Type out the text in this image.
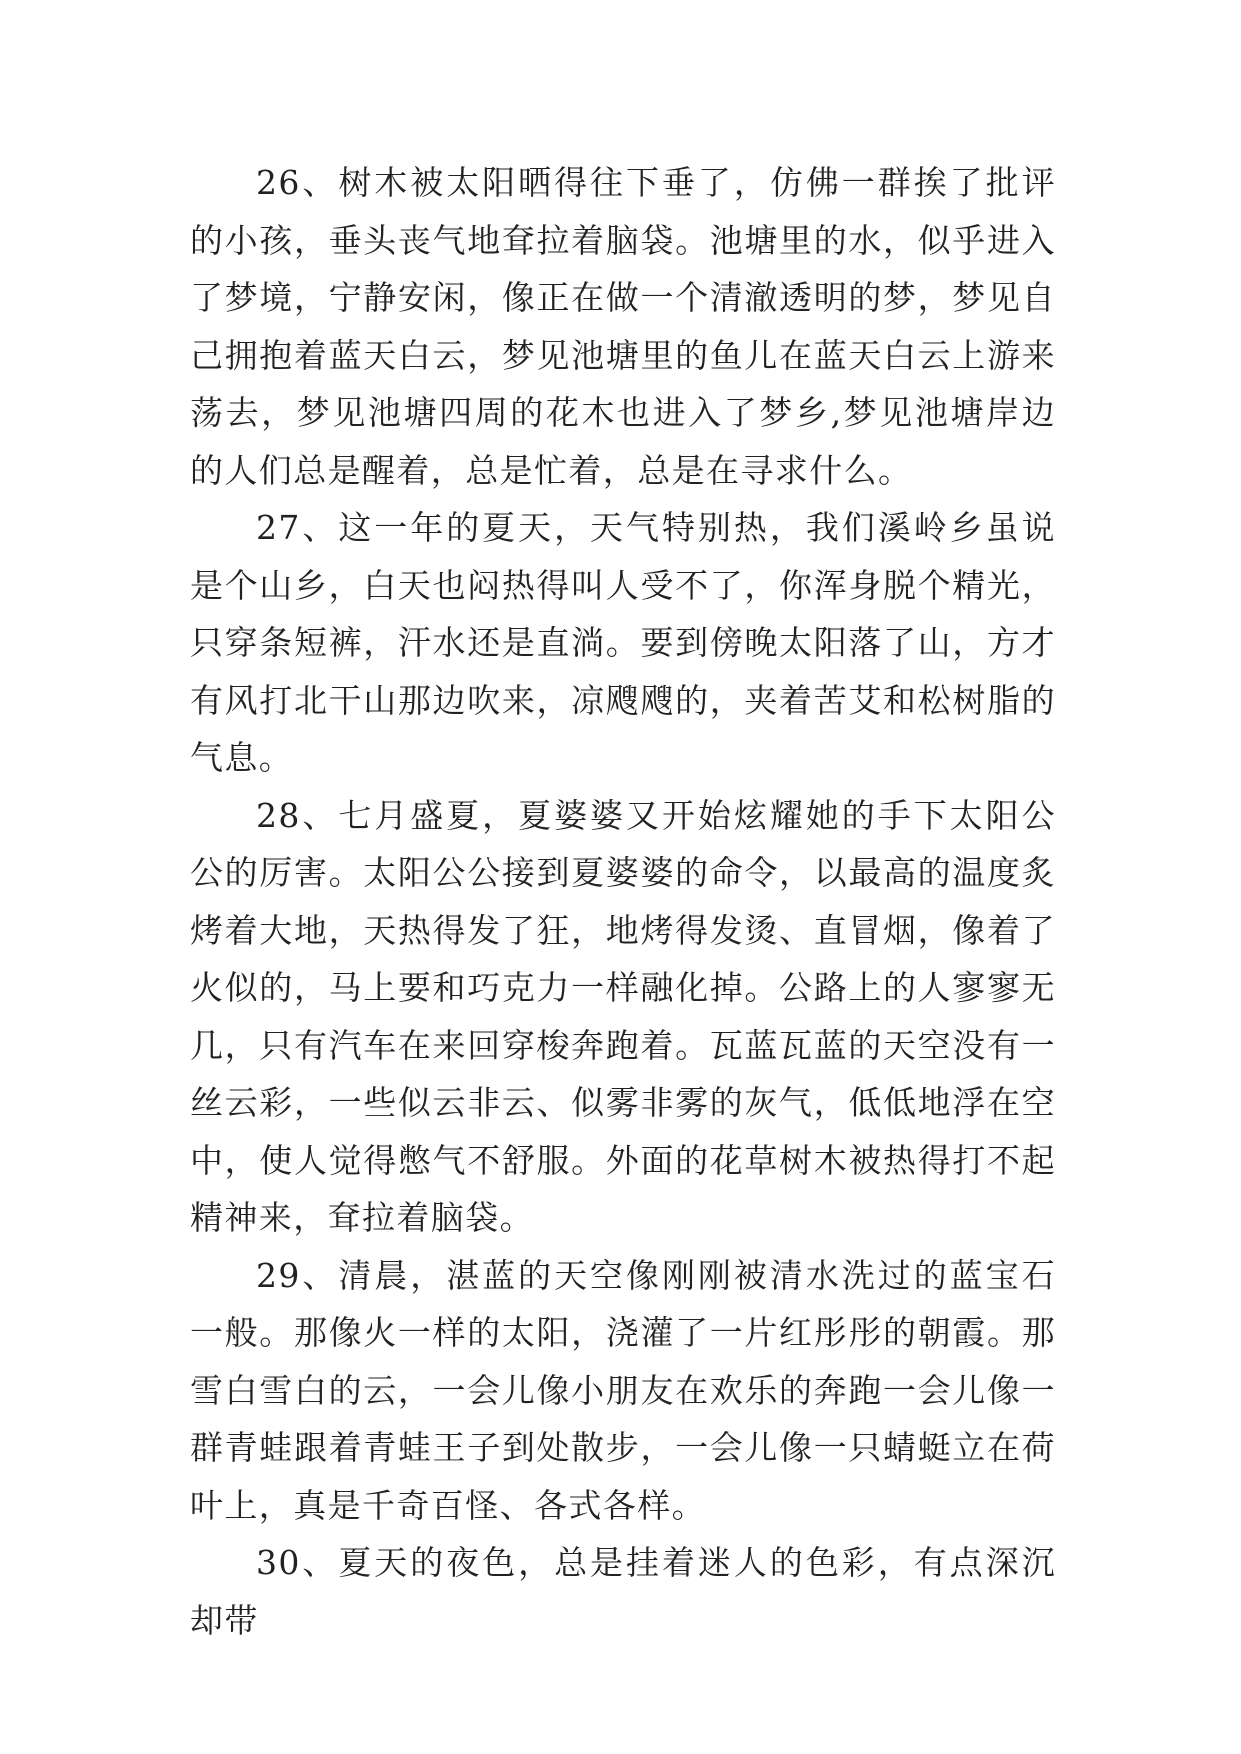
26、树木被太阳晒得往下垂了，仿佛一群挨了批评的小孩，垂头丧气地耷拉着脑袋。池塘里的水，似乎进入了梦境，宁静安闲，像正在做一个清澈透明的梦，梦见自己拥抱着蓝天白云，梦见池塘里的鱼儿在蓝天白云上游来荡去，梦见池塘四周的花木也进入了梦乡,梦见池塘岸边的人们总是醒着，总是忙着，总是在寻求什么。

27、这一年的夏天，天气特别热，我们溪岭乡虽说是个山乡，白天也闷热得叫人受不了，你浑身脱个精光，只穿条短裤，汗水还是直淌。要到傍晚太阳落了山，方才有风打北干山那边吹来，凉飕飕的，夹着苦艾和松树脂的气息。

28、七月盛夏，夏婆婆又开始炫耀她的手下太阳公公的厉害。太阳公公接到夏婆婆的命令，以最高的温度炙烤着大地，天热得发了狂，地烤得发烫、直冒烟，像着了火似的，马上要和巧克力一样融化掉。公路上的人寥寥无几，只有汽车在来回穿梭奔跑着。瓦蓝瓦蓝的天空没有一丝云彩，一些似云非云、似雾非雾的灰气，低低地浮在空中，使人觉得憋气不舒服。外面的花草树木被热得打不起精神来，耷拉着脑袋。

29、清晨，湛蓝的天空像刚刚被清水洗过的蓝宝石一般。那像火一样的太阳，浇灌了一片红彤彤的朝霞。那雪白雪白的云，一会儿像小朋友在欢乐的奔跑一会儿像一群青蛙跟着青蛙王子到处散步，一会儿像一只蜻蜓立在荷叶上，真是千奇百怪、各式各样。

30、夏天的夜色，总是挂着迷人的色彩，有点深沉却带
